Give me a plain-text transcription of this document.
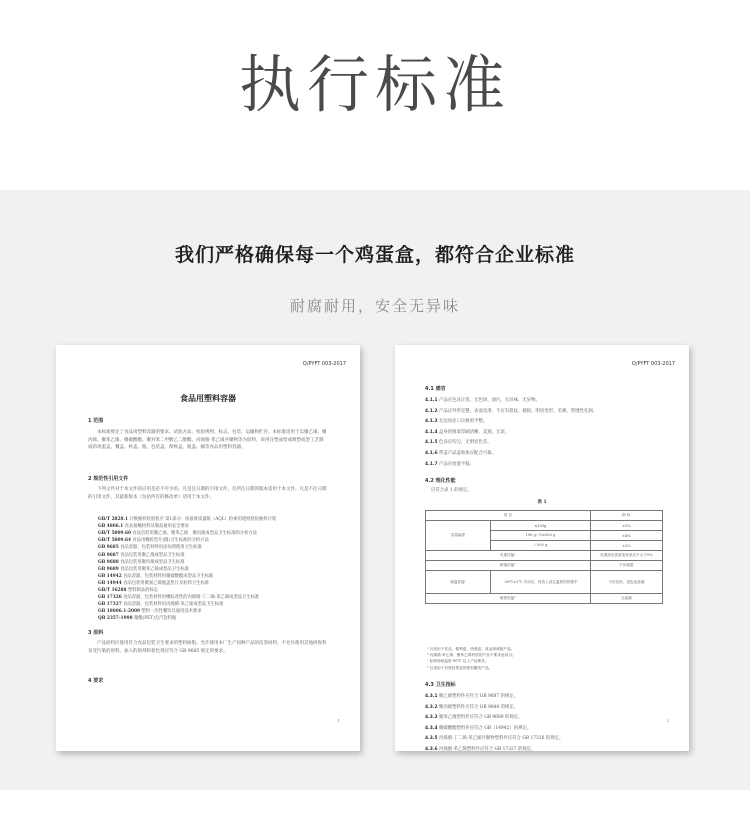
执行标准
我们严格确保每一个鸡蛋盒，都符合企业标准
耐腐耐用，安全无异味
Q/PYFT 003-2017
食品用塑料容器
1 范围
本标准规定了食品用塑料容器的要求、试验方法、检验规则、标志、包装、运输和贮存。本标准适用于以聚乙烯、聚丙烯、聚苯乙烯、聚碳酸酯、聚对苯二甲酸乙二醇酯、丙烯腈-苯乙烯共聚物等为原料，采用注塑成型或吸塑成型工艺制成的鸡蛋盒、餐盒、杯盖、瓶、包装盒、保鲜盒、瓶盖、桶等食品用塑料容器。
2 规范性引用文件
下列文件对于本文件的应用是必不可少的。凡是注日期的引用文件，仅所注日期的版本适用于本文件。凡是不注日期的引用文件，其最新版本（包括所有的修改单）适用于本文件。
GB/T 2828.1 计数抽样检验程序 第1部分：按接收质量限（AQL）检索的逐批检验抽样计划
GB 4806.1 食品接触材料及制品通用安全要求
GB/T 5009.60 食品包装用聚乙烯、聚苯乙烯、聚丙烯成型品卫生标准的分析方法
GB/T 5009.64 食品用橡胶垫片(圈)卫生标准的分析方法
GB 9685 食品容器、包装材料用添加剂使用卫生标准
GB 9687 食品包装用聚乙烯成型品卫生标准
GB 9688 食品包装用聚丙烯成型品卫生标准
GB 9689 食品包装用聚苯乙烯成型品卫生标准
GB 14942 食品容器、包装材料用聚碳酸酯成型品卫生标准
GB 14944 食品包装用聚氯乙烯瓶盖垫片及粒料卫生标准
GB/T 16288 塑料制品的标志
GB 17326 食品容器、包装材料用橡胶改性的丙烯腈-丁二烯-苯乙烯成型品卫生标准
GB 17327 食品容器、包装材料用丙烯腈-苯乙烯成型品卫生标准
GB 18006.1-2009 塑料一次性餐饮具通用技术要求
QB 2357-1998 聚酯(PET)无汽饮料瓶
3 原料
产品原料应使用符合食品包装卫生要求的塑料树脂。允许使用本厂生产同种产品的洁净回料，不允许使用其他回收料及受污染的原料。加入的助剂和着色剂应符合 GB 9685 规定的要求。
4 要求
1
Q/PYFT 003-2017
4.1 感官
4.1.1 产品应色泽正常，无色斑、油污、无异味、无异物。
4.1.2 产品应外形完整，表面光滑，不应有裂纹、破损、明显变形、毛刺、穿透性孔洞。
4.1.3 无边角连口应修剪平整。
4.1.4 盒身的图案印刷清晰、美观、无误。
4.1.5 色泽应均匀，无明显色差。
4.1.6 带盖产品盖和体应配合可靠。
4.1.7 产品应放置平稳。
4.2 理化性能
应符合表 1 的规定。
表 1
项 目		指 标
容量偏差	≤100g	±5%
	100 g＜V≤500 g	±4%
	＞500 g	±3%
负重性能ᵃ		负重前后高度变化率应不大于5%
跌落性能ᵇ		不应破裂
耐温性能ᶜ	-30℃±2℃ 冷冻后，再放入设定温度的烘箱中	不应变形、变色及渗漏
耐热性能ᵈ		无渗漏
ᵃ 仅适用于饮品、便利盒、快餐盒、食品调味瓶产品。
ᵇ 丙烯腈-苯乙烯、聚苯乙烯材质的产品不要求此项目。
ᶜ 标明有耐温度 80℃ 以上产品要求。
ᵈ 仅适用于有密封型盖的密封罐类产品。
4.3 卫生指标
4.3.1 聚乙烯塑料件应符合 GB 9687 的规定。
4.3.2 聚丙烯塑料件应符合 GB 9688 的规定。
4.3.3 聚苯乙烯塑料件应符合 GB 9689 的规定。
4.3.4 聚碳酸酯塑料件应符合 GB（14942）的规定。
4.3.5 丙烯腈-丁二烯-苯乙烯共聚物塑料件应符合 GB 17326 的规定。
4.3.6 丙烯腈-苯乙烯塑料件应符合 GB 17327 的规定。
2
